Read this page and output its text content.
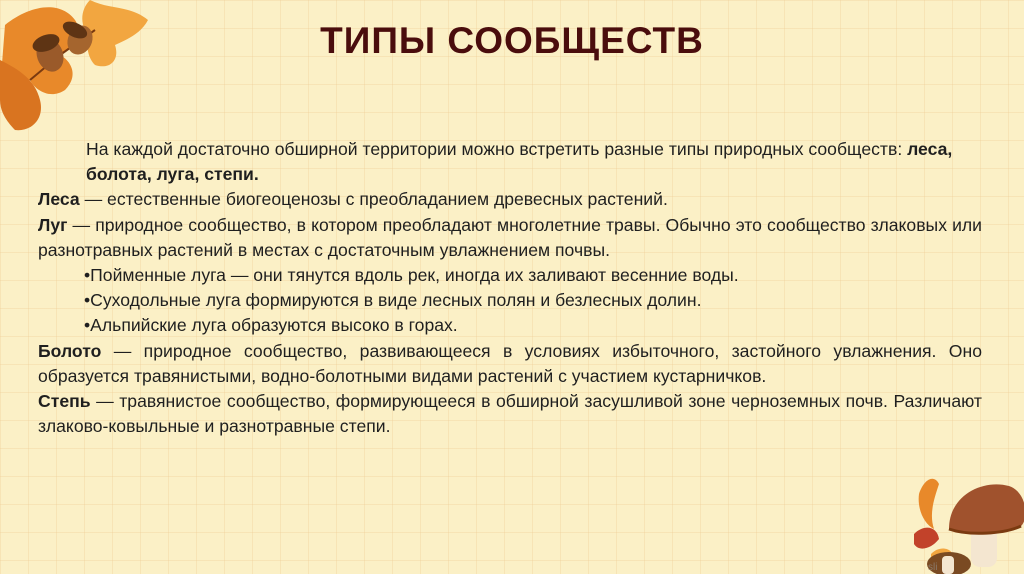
ТИПЫ СООБЩЕСТВ

На каждой достаточно обширной территории можно встретить разные типы природных сообществ: леса, болота, луга, степи.

Леса — естественные биогеоценозы с преобладанием древесных растений.

Луг — природное сообщество, в котором преобладают многолетние травы. Обычно это сообщество злаковых или разнотравных растений в местах с достаточным увлажнением почвы.

•Пойменные луга — они тянутся вдоль рек, иногда их заливают весенние воды.

•Суходольные луга формируются в виде лесных полян и безлесных долин.

•Альпийские луга образуются высоко в горах.

Болото — природное сообщество, развивающееся в условиях избыточного, застойного увлажнения. Оно образуется травянистыми, водно-болотными видами растений с участием кустарничков.

Степь — травянистое сообщество, формирующееся в обширной засушливой зоне черноземных почв. Различают злаково-ковыльные и разнотравные степи.

sli
